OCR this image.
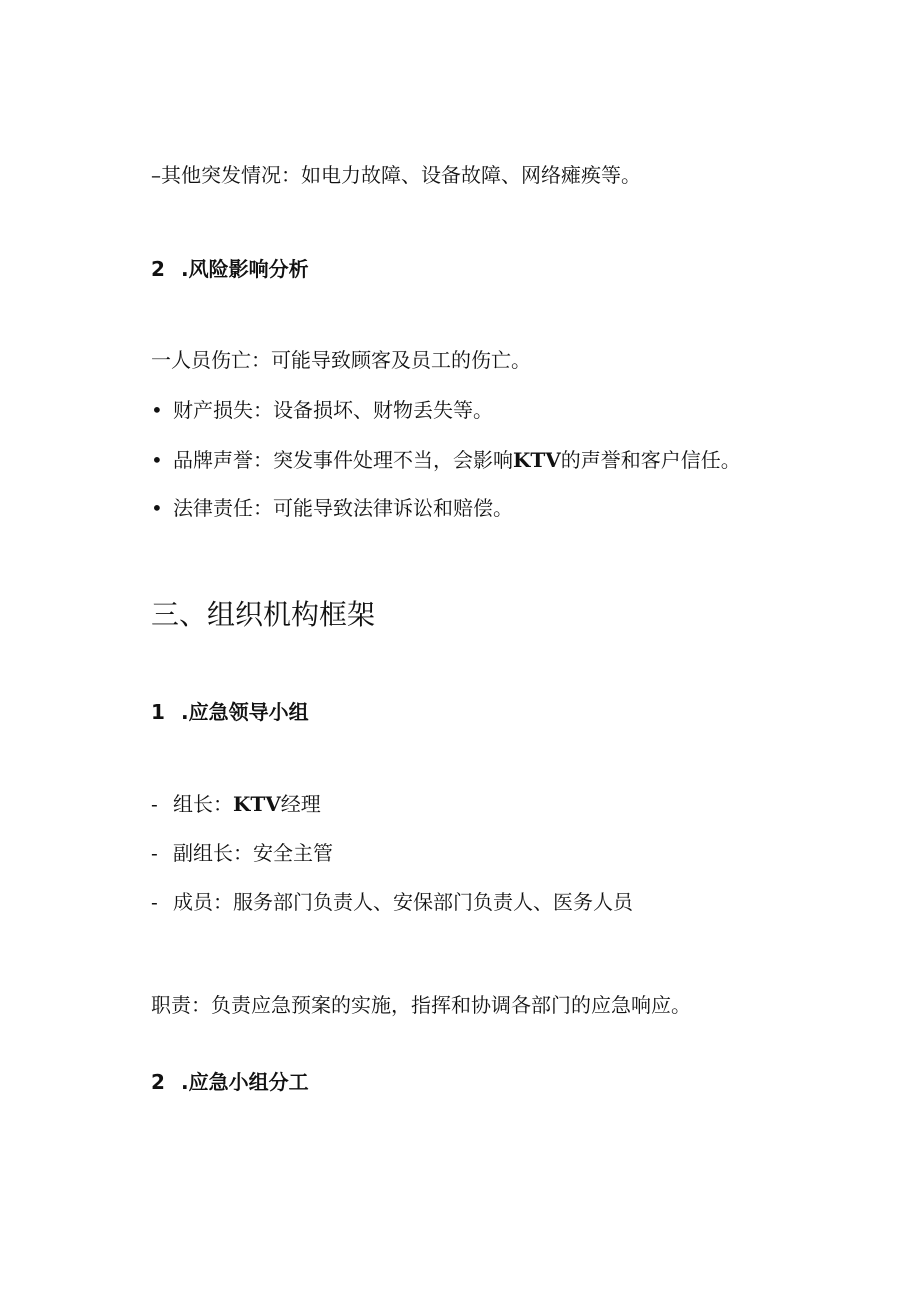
–其他突发情况：如电力故障、设备故障、网络瘫痪等。
2 .风险影响分析
一人员伤亡：可能导致顾客及员工的伤亡。
• 财产损失：设备损坏、财物丢失等。
• 品牌声誉：突发事件处理不当，会影响KTV的声誉和客户信任。
• 法律责任：可能导致法律诉讼和赔偿。
三、组织机构框架
1 .应急领导小组
- 组长：KTV经理
- 副组长：安全主管
- 成员：服务部门负责人、安保部门负责人、医务人员
职责：负责应急预案的实施，指挥和协调各部门的应急响应。
2 .应急小组分工
